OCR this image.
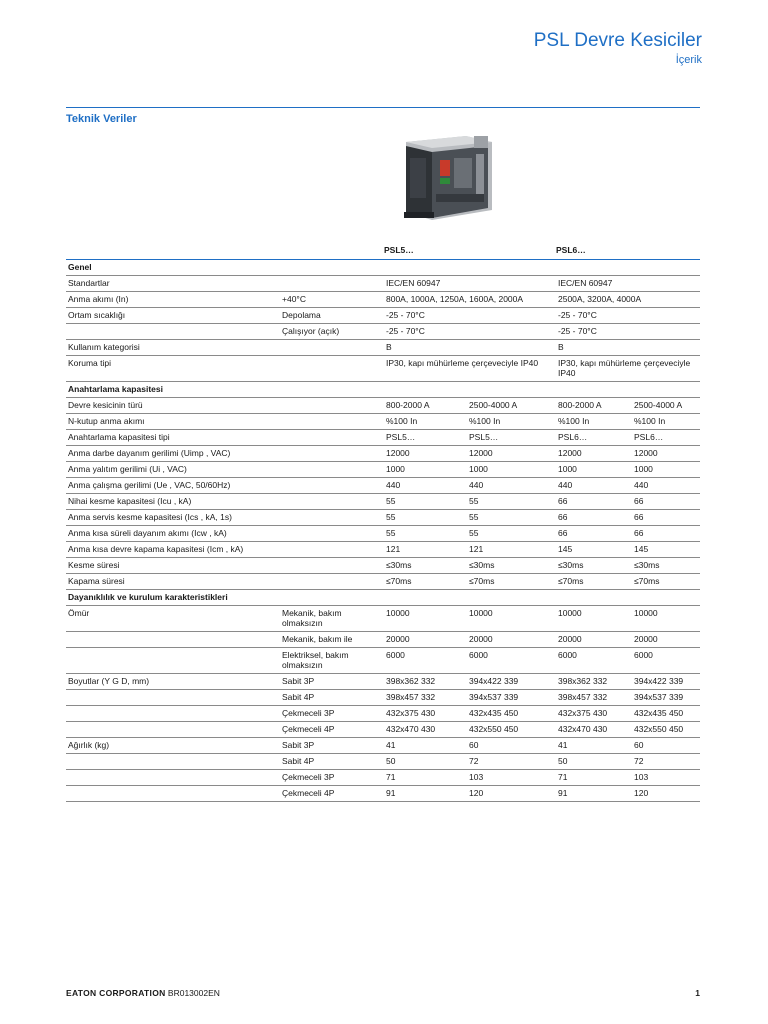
PSL Devre Kesiciler
İçerik
Teknik Veriler
PSL5…	PSL6…
Genel					
Standartlar		IEC/EN 60947		IEC/EN 60947	
Anma akımı (In)	+40°C	800A, 1000A, 1250A, 1600A, 2000A		2500A, 3200A, 4000A	
Ortam sıcaklığı	Depolama	-25 - 70°C		-25 - 70°C	
	Çalışıyor (açık)	-25 - 70°C		-25 - 70°C	
Kullanım kategorisi		B		B	
Koruma tipi		IP30, kapı mühürleme çerçeveciyle IP40		IP30, kapı mühürleme çerçeveciyle IP40	
Anahtarlama kapasitesi					
Devre kesicinin türü		800-2000 A	2500-4000 A	800-2000 A	2500-4000 A
N-kutup anma akımı		%100 In	%100 In	%100 In	%100 In
Anahtarlama kapasitesi tipi		PSL5…	PSL5…	PSL6…	PSL6…
Anma darbe dayanım gerilimi (Uimp , VAC)		12000	12000	12000	12000
Anma yalıtım gerilimi (Ui , VAC)		1000	1000	1000	1000
Anma çalışma gerilimi (Ue , VAC, 50/60Hz)		440	440	440	440
Nihai kesme kapasitesi (Icu , kA)		55	55	66	66
Anma servis kesme kapasitesi (Ics , kA, 1s)		55	55	66	66
Anma kısa süreli dayanım akımı (Icw , kA)		55	55	66	66
Anma kısa devre kapama kapasitesi (Icm , kA)		121	121	145	145
Kesme süresi		≤30ms	≤30ms	≤30ms	≤30ms
Kapama süresi		≤70ms	≤70ms	≤70ms	≤70ms
Dayanıklılık ve kurulum karakteristikleri					
Ömür	Mekanik, bakım olmaksızın	10000	10000	10000	10000
	Mekanik, bakım ile	20000	20000	20000	20000
	Elektriksel, bakım olmaksızın	6000	6000	6000	6000
Boyutlar (Y G D, mm)	Sabit 3P	398x362 332	394x422 339	398x362 332	394x422 339
	Sabit 4P	398x457 332	394x537 339	398x457 332	394x537 339
	Çekmeceli 3P	432x375 430	432x435 450	432x375 430	432x435 450
	Çekmeceli 4P	432x470 430	432x550 450	432x470 430	432x550 450
Ağırlık (kg)	Sabit 3P	41	60	41	60
	Sabit 4P	50	72	50	72
	Çekmeceli 3P	71	103	71	103
	Çekmeceli 4P	91	120	91	120
EATON CORPORATION BR013002EN	1
